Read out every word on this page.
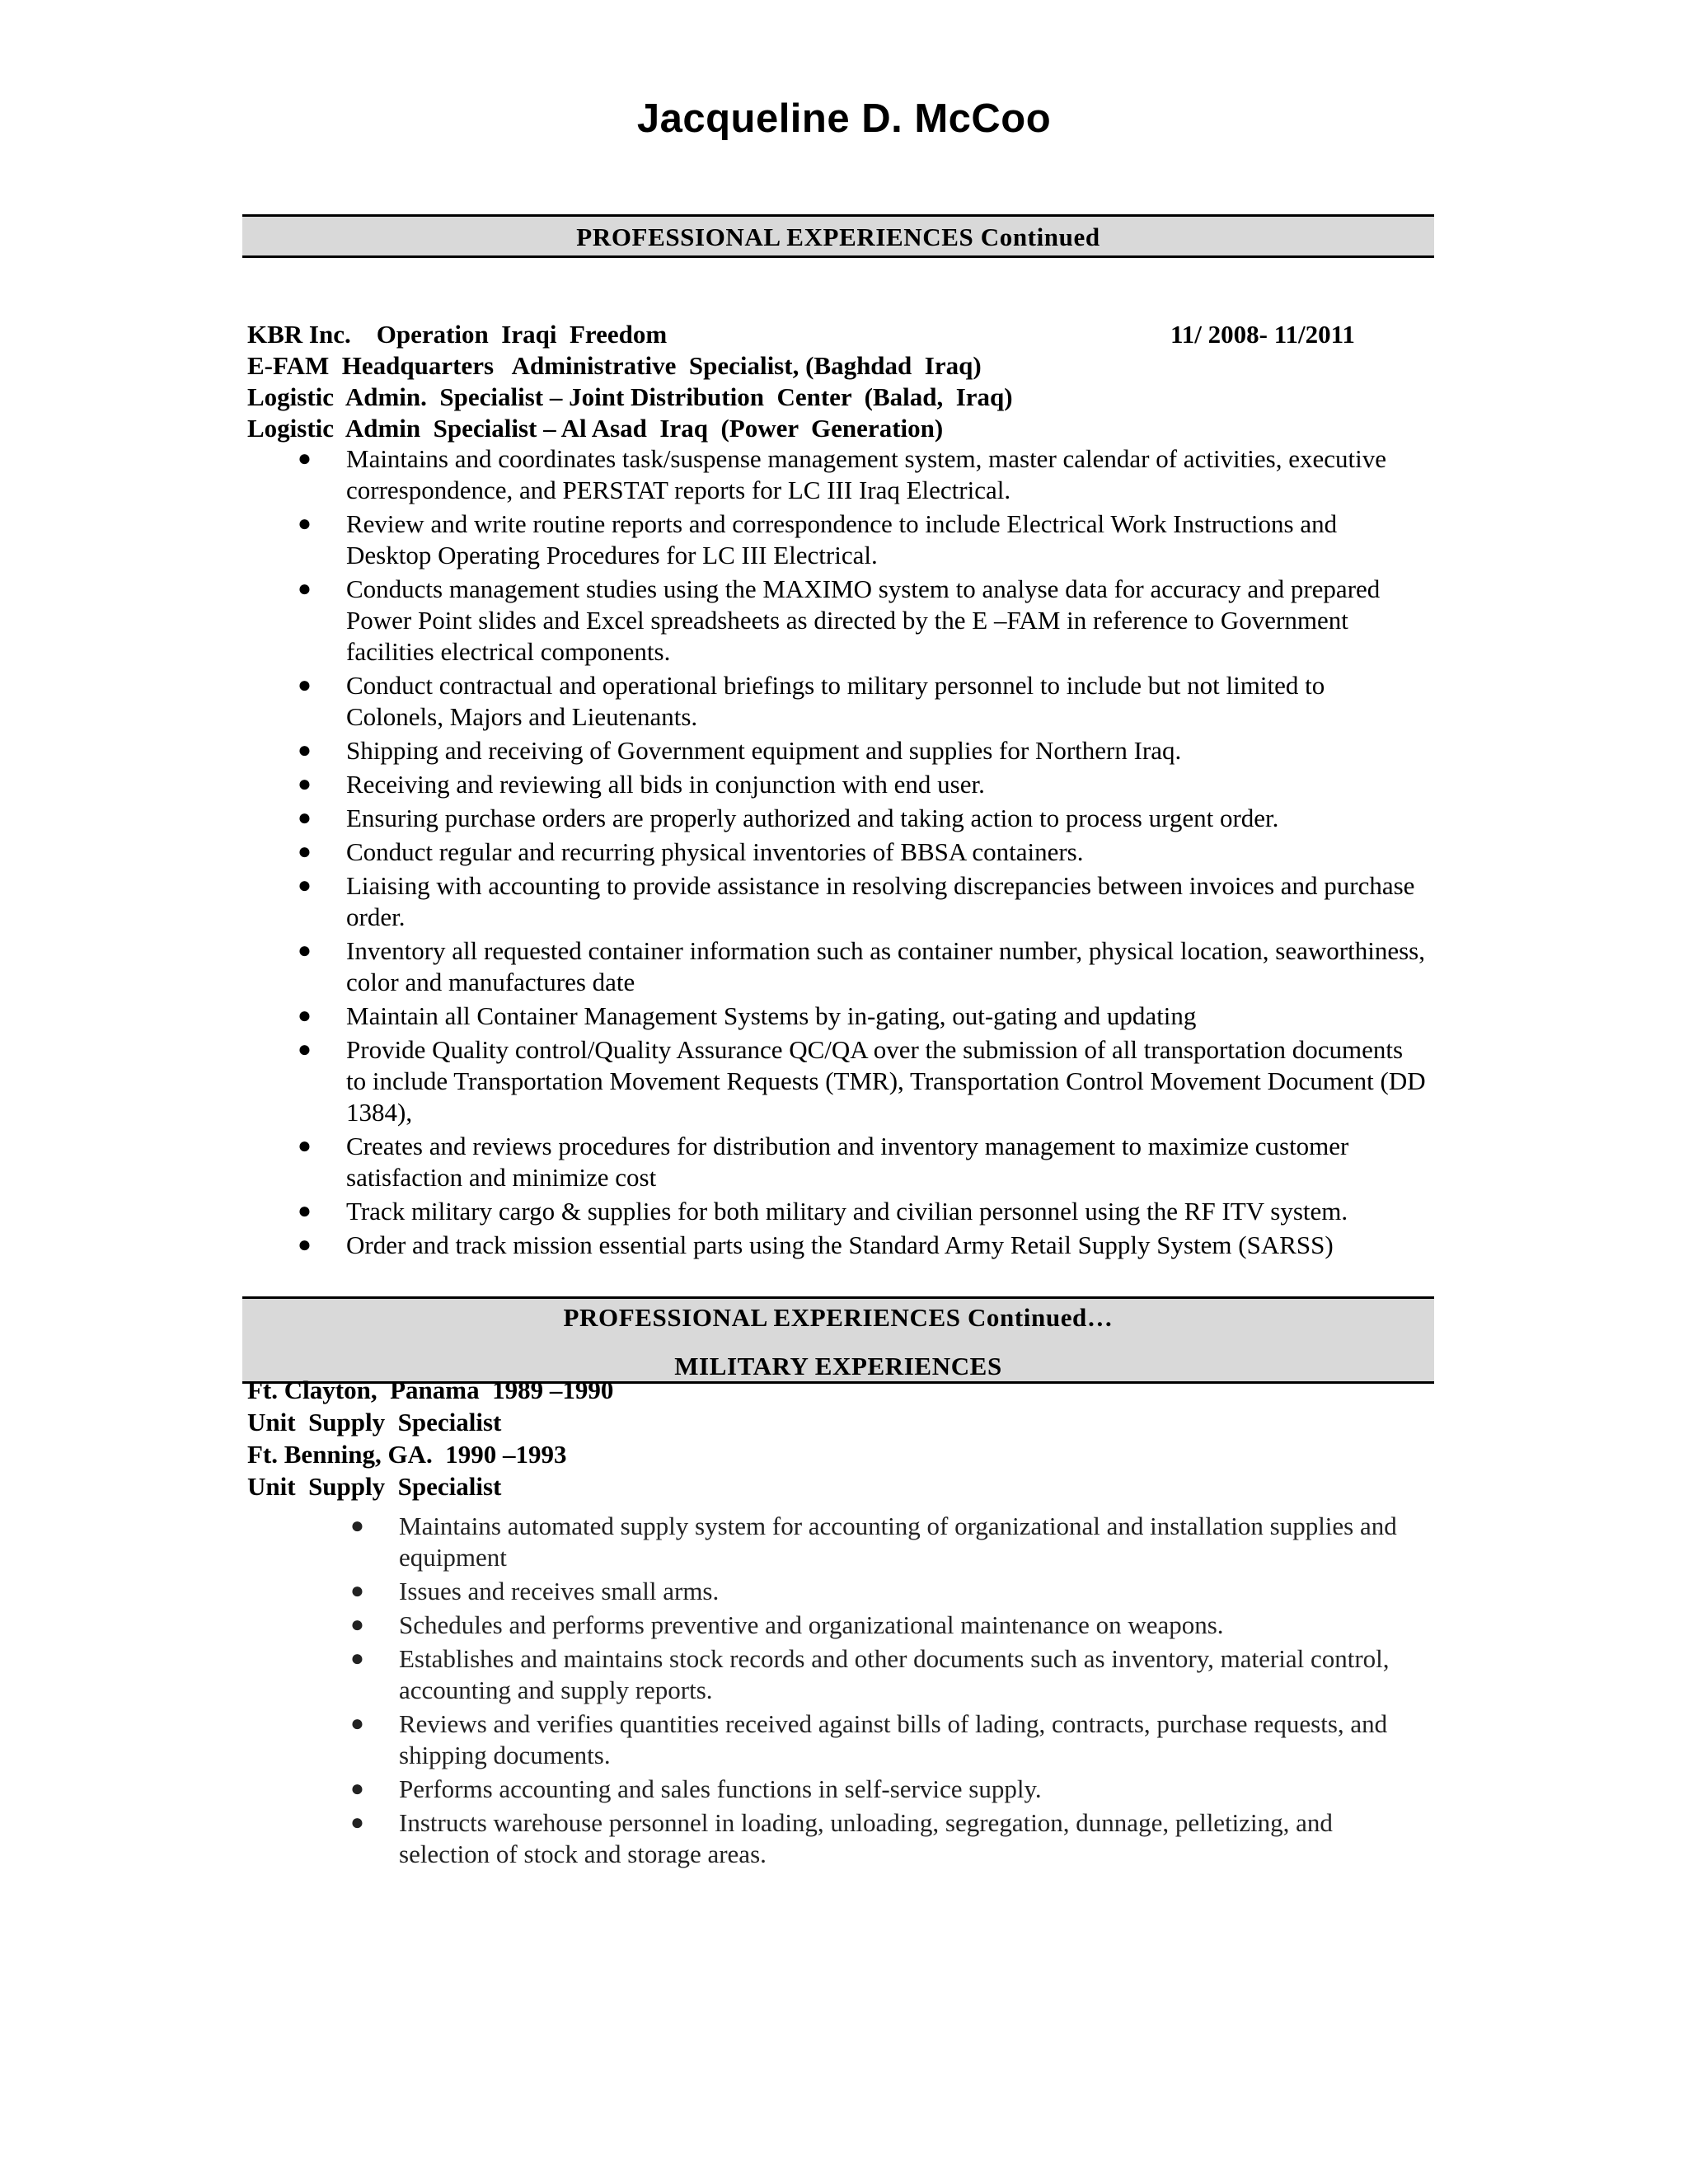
Jacqueline D. McCoo
PROFESSIONAL EXPERIENCES Continued
KBR Inc.    Operation  Iraqi  Freedom	11/ 2008- 11/2011
E-FAM  Headquarters   Administrative  Specialist, (Baghdad  Iraq)
Logistic  Admin.  Specialist – Joint Distribution  Center  (Balad,  Iraq)
Logistic  Admin  Specialist – Al Asad  Iraq  (Power  Generation)
● Maintains and coordinates task/suspense management system, master calendar of activities, executive correspondence, and PERSTAT reports for LC III Iraq Electrical.
● Review and write routine reports and correspondence to include Electrical Work Instructions and Desktop Operating Procedures for LC III Electrical.
● Conducts management studies using the MAXIMO system to analyse data for accuracy and prepared Power Point slides and Excel spreadsheets as directed by the E –FAM in reference to Government facilities electrical components.
● Conduct contractual and operational briefings to military personnel to include but not limited to Colonels, Majors and Lieutenants.
● Shipping and receiving of Government equipment and supplies for Northern Iraq.
● Receiving and reviewing all bids in conjunction with end user.
● Ensuring purchase orders are properly authorized and taking action to process urgent order.
● Conduct regular and recurring physical inventories of BBSA containers.
● Liaising with accounting to provide assistance in resolving discrepancies between invoices and purchase order.
● Inventory all requested container information such as container number, physical location, seaworthiness, color and manufactures date
● Maintain all Container Management Systems by in-gating, out-gating and updating
● Provide Quality control/Quality Assurance QC/QA over the submission of all transportation documents to include Transportation Movement Requests (TMR), Transportation Control Movement Document (DD 1384),
● Creates and reviews procedures for distribution and inventory management to maximize customer satisfaction and minimize cost
● Track military cargo & supplies for both military and civilian personnel using the RF ITV system.
● Order and track mission essential parts using the Standard Army Retail Supply System (SARSS)
PROFESSIONAL EXPERIENCES Continued…
MILITARY EXPERIENCES
Ft. Clayton,  Panama  1989 –1990
Unit  Supply  Specialist
Ft. Benning, GA.  1990 –1993
Unit  Supply  Specialist
● Maintains automated supply system for accounting of organizational and installation supplies and equipment
● Issues and receives small arms.
● Schedules and performs preventive and organizational maintenance on weapons.
● Establishes and maintains stock records and other documents such as inventory, material control, accounting and supply reports.
● Reviews and verifies quantities received against bills of lading, contracts, purchase requests, and shipping documents.
● Performs accounting and sales functions in self-service supply.
● Instructs warehouse personnel in loading, unloading, segregation, dunnage, pelletizing, and selection of stock and storage areas.
